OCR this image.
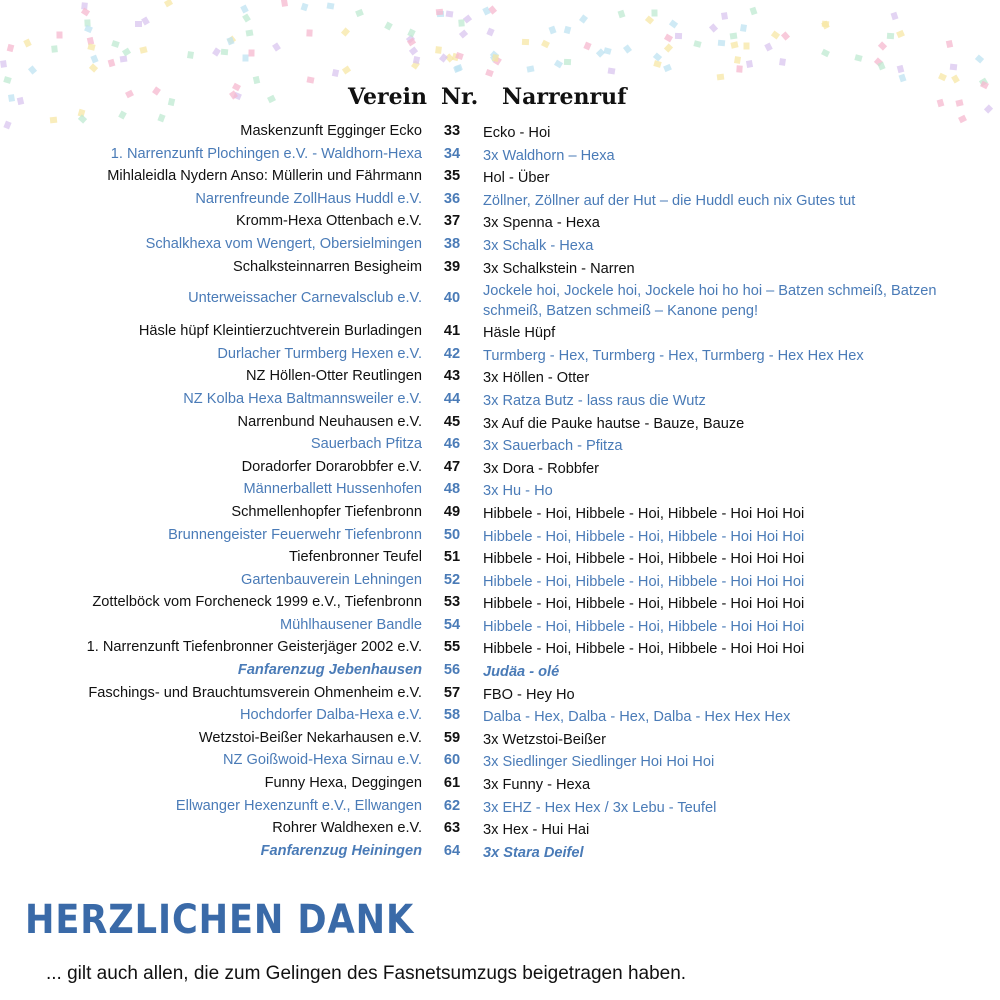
Verein Nr. Narrenruf
Maskenzunft Egginger Ecko	33	Ecko - Hoi
1. Narrenzunft Plochingen e.V. - Waldhorn-Hexa	34	3x Waldhorn – Hexa
Mihlaleidla Nydern Anso: Müllerin und Fährmann	35	Hol - Über
Narrenfreunde ZollHaus Huddl e.V.	36	Zöllner, Zöllner auf der Hut – die Huddl euch nix Gutes tut
Kromm-Hexa Ottenbach e.V.	37	3x Spenna - Hexa
Schalkhexa vom Wengert, Obersielmingen	38	3x Schalk - Hexa
Schalksteinnarren Besigheim	39	3x Schalkstein - Narren
Unterweissacher Carnevalsclub e.V.	40	Jockele hoi, Jockele hoi, Jockele hoi ho hoi – Batzen schmeiß, Batzen schmeiß, Batzen schmeiß – Kanone peng!
Häsle hüpf Kleintierzuchtverein Burladingen	41	Häsle Hüpf
Durlacher Turmberg Hexen e.V.	42	Turmberg - Hex, Turmberg - Hex, Turmberg - Hex Hex Hex
NZ Höllen-Otter Reutlingen	43	3x Höllen - Otter
NZ Kolba Hexa Baltmannsweiler e.V.	44	3x Ratza Butz - lass raus die Wutz
Narrenbund Neuhausen e.V.	45	3x Auf die Pauke hautse - Bauze, Bauze
Sauerbach Pfitza	46	3x Sauerbach - Pfitza
Doradorfer Dorarobbfer e.V.	47	3x Dora - Robbfer
Männerballett Hussenhofen	48	3x Hu - Ho
Schmellenhopfer Tiefenbronn	49	Hibbele - Hoi, Hibbele - Hoi, Hibbele - Hoi Hoi Hoi
Brunnengeister Feuerwehr Tiefenbronn	50	Hibbele - Hoi, Hibbele - Hoi, Hibbele - Hoi Hoi Hoi
Tiefenbronner Teufel	51	Hibbele - Hoi, Hibbele - Hoi, Hibbele - Hoi Hoi Hoi
Gartenbauverein Lehningen	52	Hibbele - Hoi, Hibbele - Hoi, Hibbele - Hoi Hoi Hoi
Zottelböck vom Forcheneck 1999 e.V., Tiefenbronn	53	Hibbele - Hoi, Hibbele - Hoi, Hibbele - Hoi Hoi Hoi
Mühlhausener Bandle	54	Hibbele - Hoi, Hibbele - Hoi, Hibbele - Hoi Hoi Hoi
1. Narrenzunft Tiefenbronner Geisterjäger 2002 e.V.	55	Hibbele - Hoi, Hibbele - Hoi, Hibbele - Hoi Hoi Hoi
Fanfarenzug Jebenhausen	56	Judäa - olé
Faschings- und Brauchtumsverein Ohmenheim e.V.	57	FBO - Hey Ho
Hochdorfer Dalba-Hexa e.V.	58	Dalba - Hex, Dalba - Hex, Dalba - Hex Hex Hex
Wetzstoi-Beißer Nekarhausen e.V.	59	3x Wetzstoi-Beißer
NZ Goißwoid-Hexa Sirnau e.V.	60	3x Siedlinger Siedlinger Hoi Hoi Hoi
Funny Hexa, Deggingen	61	3x Funny - Hexa
Ellwanger Hexenzunft e.V., Ellwangen	62	3x EHZ - Hex Hex / 3x Lebu - Teufel
Rohrer Waldhexen e.V.	63	3x Hex - Hui Hai
Fanfarenzug Heiningen	64	3x Stara Deifel
HERZLICHEN DANK
... gilt auch allen, die zum Gelingen des Fasnetsumzugs beigetragen haben.
